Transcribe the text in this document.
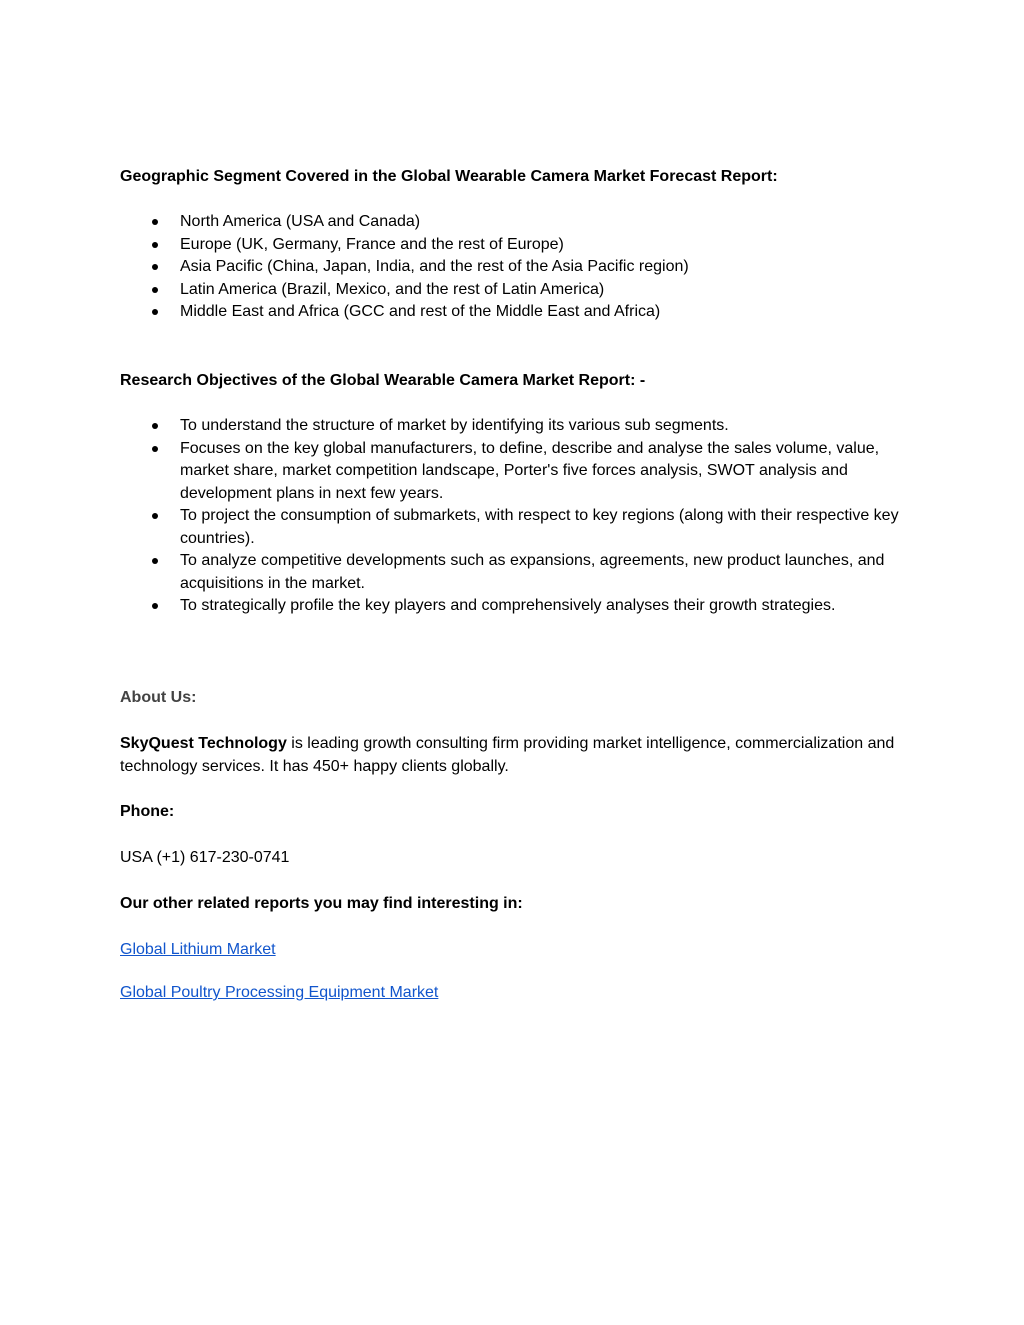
Geographic Segment Covered in the Global Wearable Camera Market Forecast Report:
North America (USA and Canada)
Europe (UK, Germany, France and the rest of Europe)
Asia Pacific (China, Japan, India, and the rest of the Asia Pacific region)
Latin America (Brazil, Mexico, and the rest of Latin America)
Middle East and Africa (GCC and rest of the Middle East and Africa)
Research Objectives of the Global Wearable Camera Market Report: -
To understand the structure of market by identifying its various sub segments.
Focuses on the key global manufacturers, to define, describe and analyse the sales volume, value, market share, market competition landscape, Porter's five forces analysis, SWOT analysis and development plans in next few years.
To project the consumption of submarkets, with respect to key regions (along with their respective key countries).
To analyze competitive developments such as expansions, agreements, new product launches, and acquisitions in the market.
To strategically profile the key players and comprehensively analyses their growth strategies.
About Us:
SkyQuest Technology is leading growth consulting firm providing market intelligence, commercialization and technology services. It has 450+ happy clients globally.
Phone:
USA (+1) 617-230-0741
Our other related reports you may find interesting in:
Global Lithium Market
Global Poultry Processing Equipment Market
